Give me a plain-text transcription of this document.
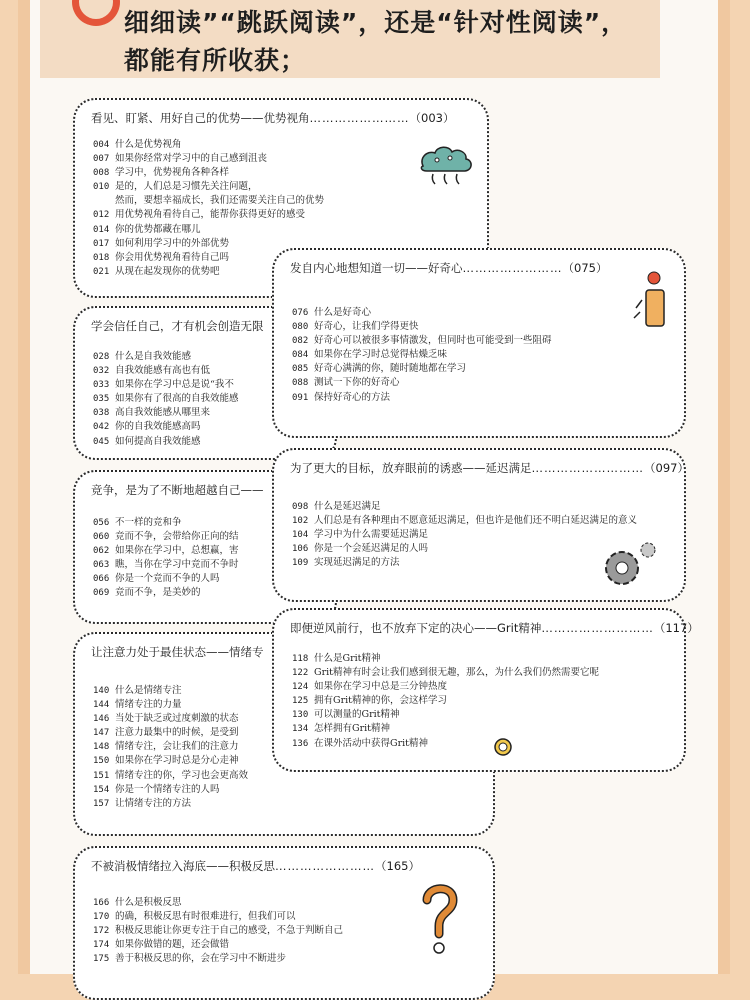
细细读”“跳跃阅读”，还是“针对性阅读”，
都能有所收获；
看见、盯紧、用好自己的优势——优势视角……………………（003）
004 什么是优势视角
007 如果你经常对学习中的自己感到沮丧
008 学习中，优势视角各种各样
010 是的，人们总是习惯先关注问题，
然而，要想幸福成长，我们还需要关注自己的优势
012 用优势视角看待自己，能帮你获得更好的感受
014 你的优势都藏在哪儿
017 如何利用学习中的外部优势
018 你会用优势视角看待自己吗
021 从现在起发现你的优势吧
学会信任自己，才有机会创造无限
028 什么是自我效能感
032 自我效能感有高也有低
033 如果你在学习中总是说“我不
035 如果你有了很高的自我效能感
038 高自我效能感从哪里来
042 你的自我效能感高吗
045 如何提高自我效能感
竞争，是为了不断地超越自己——
056 不一样的竞和争
060 竞而不争，会带给你正向的结
062 如果你在学习中，总想赢，害
063 瞧，当你在学习中竞而不争时
066 你是一个竞而不争的人吗
069 竞而不争，是美妙的
让注意力处于最佳状态——情绪专
140 什么是情绪专注
144 情绪专注的力量
146 当处于缺乏或过度刺激的状态
147 注意力最集中的时候，是受到
148 情绪专注，会让我们的注意力
150 如果你在学习时总是分心走神
151 情绪专注的你，学习也会更高效
154 你是一个情绪专注的人吗
157 让情绪专注的方法
不被消极情绪拉入海底——积极反思……………………（165）
166 什么是积极反思
170 的确，积极反思有时很难进行，但我们可以
172 积极反思能让你更专注于自己的感受，不急于判断自己
174 如果你做错的题，还会做错
175 善于积极反思的你，会在学习中不断进步
发自内心地想知道一切——好奇心……………………（075）
076 什么是好奇心
080 好奇心，让我们学得更快
082 好奇心可以被很多事情激发，但同时也可能受到一些阻碍
084 如果你在学习时总觉得枯燥乏味
085 好奇心满满的你，随时随地都在学习
088 测试一下你的好奇心
091 保持好奇心的方法
为了更大的目标，放弃眼前的诱惑——延迟满足………………………（097）
098 什么是延迟满足
102 人们总是有各种理由不愿意延迟满足，但也许是他们还不明白延迟满足的意义
104 学习中为什么需要延迟满足
106 你是一个会延迟满足的人吗
109 实现延迟满足的方法
即便逆风前行，也不放弃下定的决心——Grit精神………………………（117）
118 什么是Grit精神
122 Grit精神有时会让我们感到很无趣，那么，为什么我们仍然需要它呢
124 如果你在学习中总是三分钟热度
125 拥有Grit精神的你，会这样学习
130 可以测量的Grit精神
134 怎样拥有Grit精神
136 在课外活动中获得Grit精神
